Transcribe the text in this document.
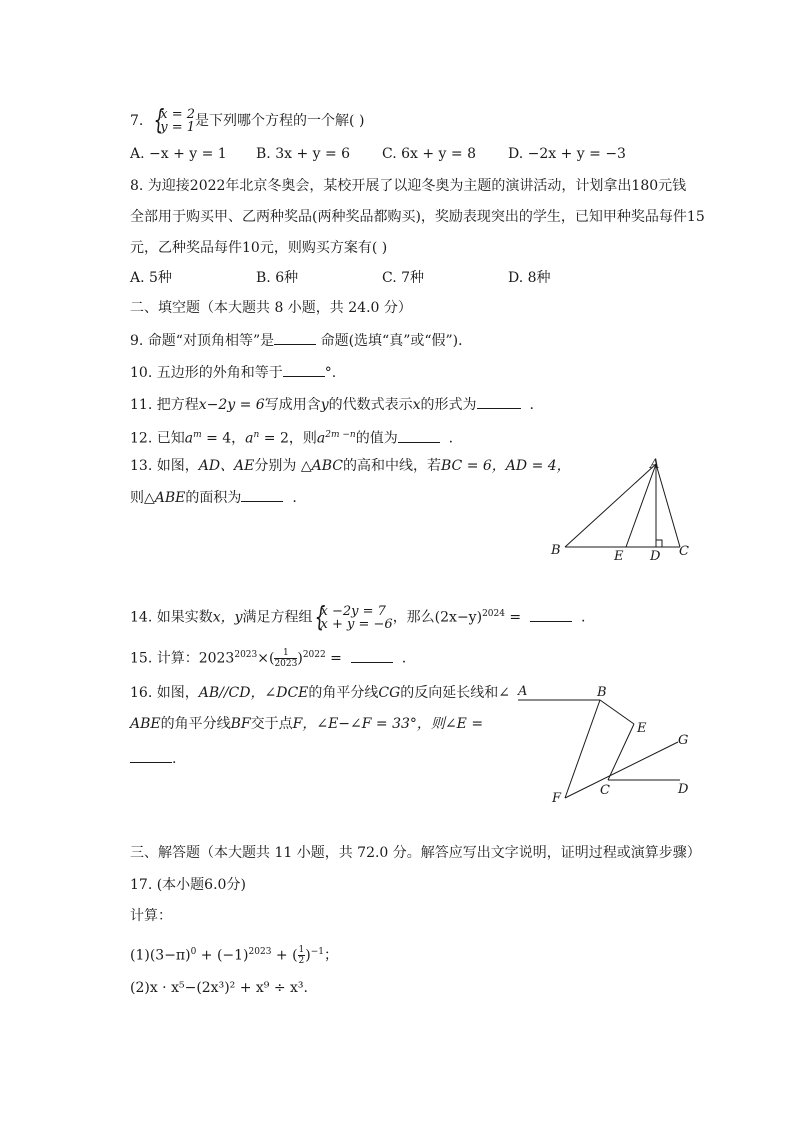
7. {
x = 2
y = 1 是下列哪个方程的一个解( )
A. −x + y = 1 B. 3x + y = 6 C. 6x + y = 8 D. −2x + y = −3
8. 为迎接2022年北京冬奥会，某校开展了以迎冬奥为主题的演讲活动，计划拿出180元钱
全部用于购买甲、乙两种奖品(两种奖品都购买)，奖励表现突出的学生，已知甲种奖品每件15
元，乙种奖品每件10元，则购买方案有( )
A. 5种	B. 6种	C. 7种	D. 8种
二、填空题（本大题共 8 小题，共 24.0 分）
9. 命题“对顶角相等”是	命题(选填“真”或“假”)．
10. 五边形的外角和等于	°.
11. 把方程x−2y = 6写成用含y的代数式表示x的形式为	.
12. 已知$a^m = 4$，$a^n = 2$，则$a^{2m -n}$的值为	.
13. 如图，AD、AE分别为 △ABC的高和中线，若BC = 6，AD = 4，
则△ABE的面积为	.
A
B	C
D
E
14. 如果实数x，y满足方程组 {
x −2y = 7
x + y = −6 ，那么$(2x-y)^{2024}$ =	.
15. 计算：$2023^{2023}\times( \frac{1}{2023} )^{2022}$ =	.
16. 如图，AB//CD，∠DCE的角平分线CG的反向延长线和∠
ABE的角平分线BF交于点F，∠E−∠F = 33°，则∠E =
.
A	B
E
G
C	D
F
三、解答题（本大题共 11 小题，共 72.0 分。解答应写出文字说明，证明过程或演算步骤）
17. (本小题6.0分)
计算：
$(1)(3-\pi)^0 + (-1)^{2023}$ + ( $\frac{1}{2} )^{-1}$；
(2)x · x⁵−(2x³)² + x⁹ ÷ x³.
